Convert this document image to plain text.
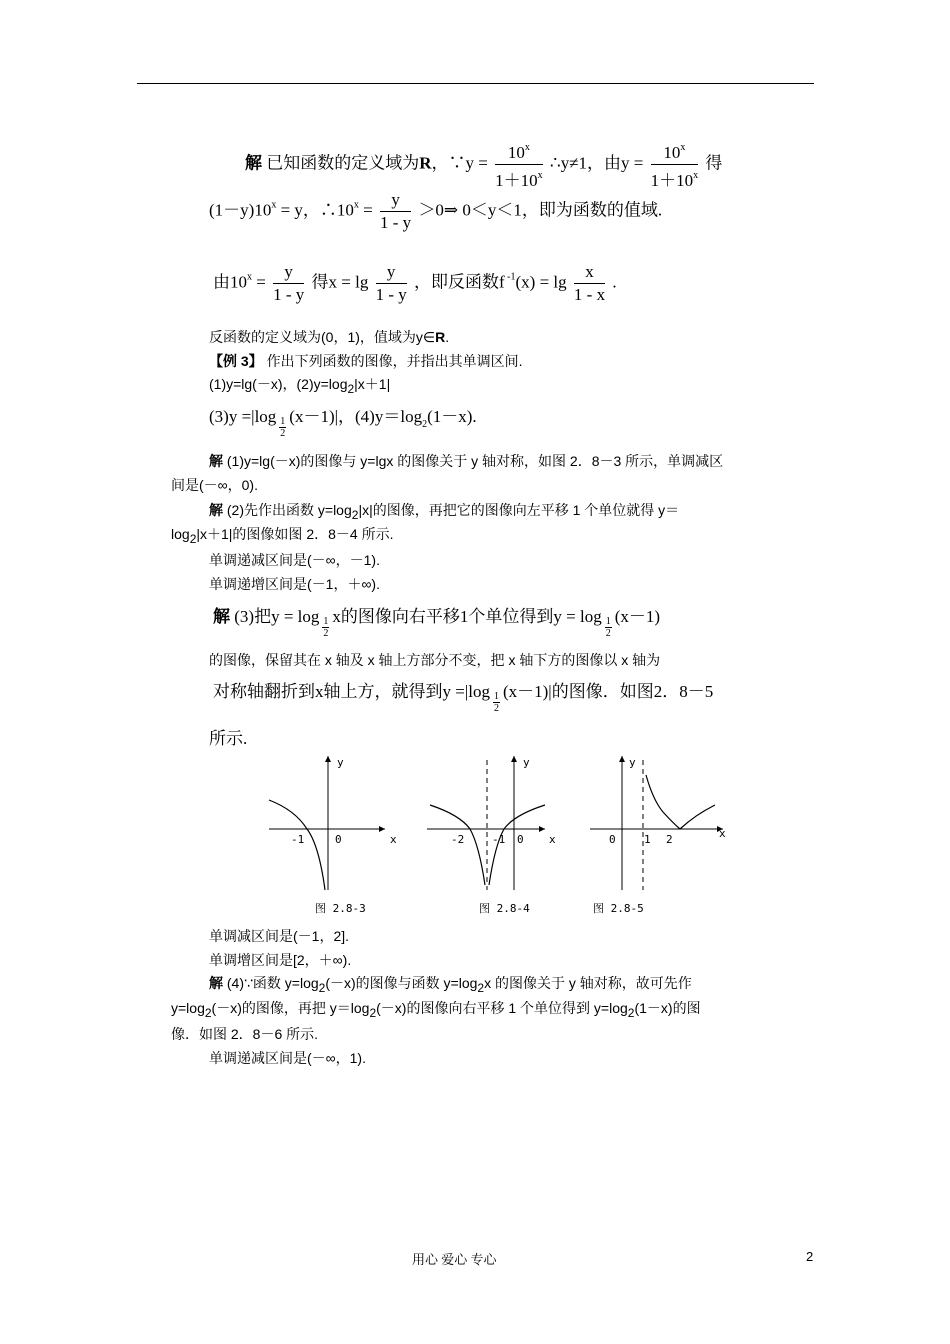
解 已知函数的定义域为R，∵y = $\frac{10^x}{1+10^x}$ ∴y≠1，由$y = \frac{10^x}{1+10^x}$ 得
$(1-y)10^x = y$，$\therefore 10^x = \frac{y}{1 - y}$ ＞0⇒ 0＜y＜1，即为函数的值域.
由$10^x = \frac{y}{1 - y}$ 得$x = \lg \frac{y}{1 - y}$ ，即反函数f $^{-1}(x) = \lg \frac{x}{1 - x}$ .
反函数的定义域为(0，1)，值域为y∈R.
【例 3】 作出下列函数的图像，并指出其单调区间.
(1)y=lg(－x)，(2)y=log2|x＋1|
$(3)y =|\log \frac{1}{2} (x-1)|$，$(4)y=\log_2(1-x)$.
解 (1)y=lg(－x)的图像与 y=lgx 的图像关于 y 轴对称，如图 2．8－3 所示，单调减区
间是(－∞，0).
解 (2)先作出函数 y=log2|x|的图像，再把它的图像向左平移 1 个单位就得 y＝
log2|x＋1|的图像如图 2．8－4 所示.
单调递减区间是(－∞，－1).
单调递增区间是(－1，＋∞).
解 (3)把$y = \log \frac{1}{2}$ x的图像向右平移1个单位得到$y = \log \frac{1}{2} (x-1)$
的图像，保留其在 x 轴及 x 轴上方部分不变，把 x 轴下方的图像以 x 轴为
对称轴翻折到x轴上方，就得到$y =|\log \frac{1}{2} (x-1)|$的图像．如图2．8－5
所示.
y
x
-1	0
图 2.8-3
y
x
-2	-1 0
图 2.8-4
y
x
0	1 2
图 2.8-5
单调减区间是(－1，2].
单调增区间是[2，＋∞).
解 (4)∵函数 y=log2(－x)的图像与函数 y=log2x 的图像关于 y 轴对称，故可先作
y=log2(－x)的图像，再把 y＝log2(－x)的图像向右平移 1 个单位得到 y=log2(1－x)的图
像．如图 2．8－6 所示.
单调递减区间是(－∞，1).
用心 爱心 专心	2
